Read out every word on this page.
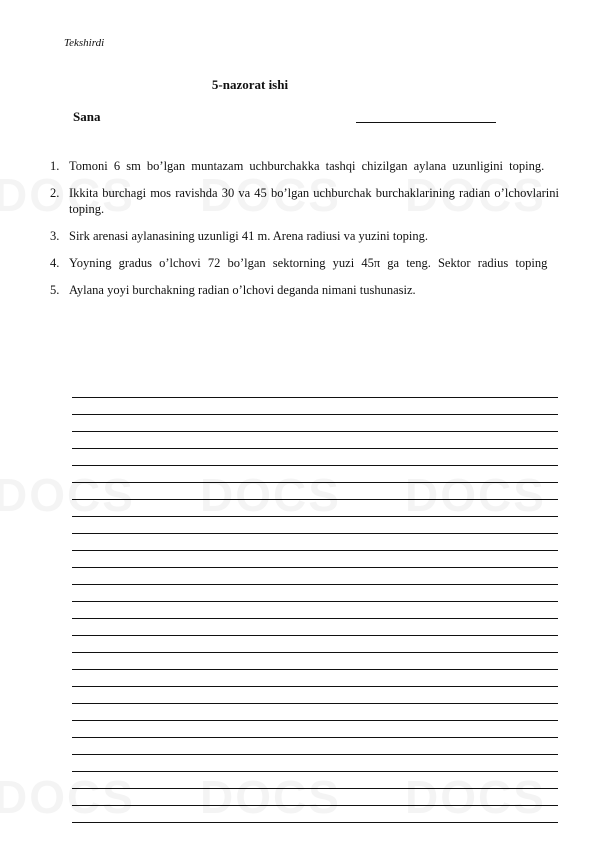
Tekshirdi
5-nazorat ishi
Sana
1. Tomoni 6 sm bo’lgan muntazam uchburchakka tashqi chizilgan aylana uzunligini toping.
2. Ikkita burchagi mos ravishda 30 va 45 bo’lgan uchburchak burchaklarining radian o’lchovlarini toping.
3. Sirk arenasi aylanasining uzunligi 41 m. Arena radiusi va yuzini toping.
4. Yoyning gradus o’lchovi 72 bo’lgan sektorning yuzi 45π ga teng. Sektor radius toping
5. Aylana yoyi burchakning radian o’lchovi deganda nimani tushunasiz.
